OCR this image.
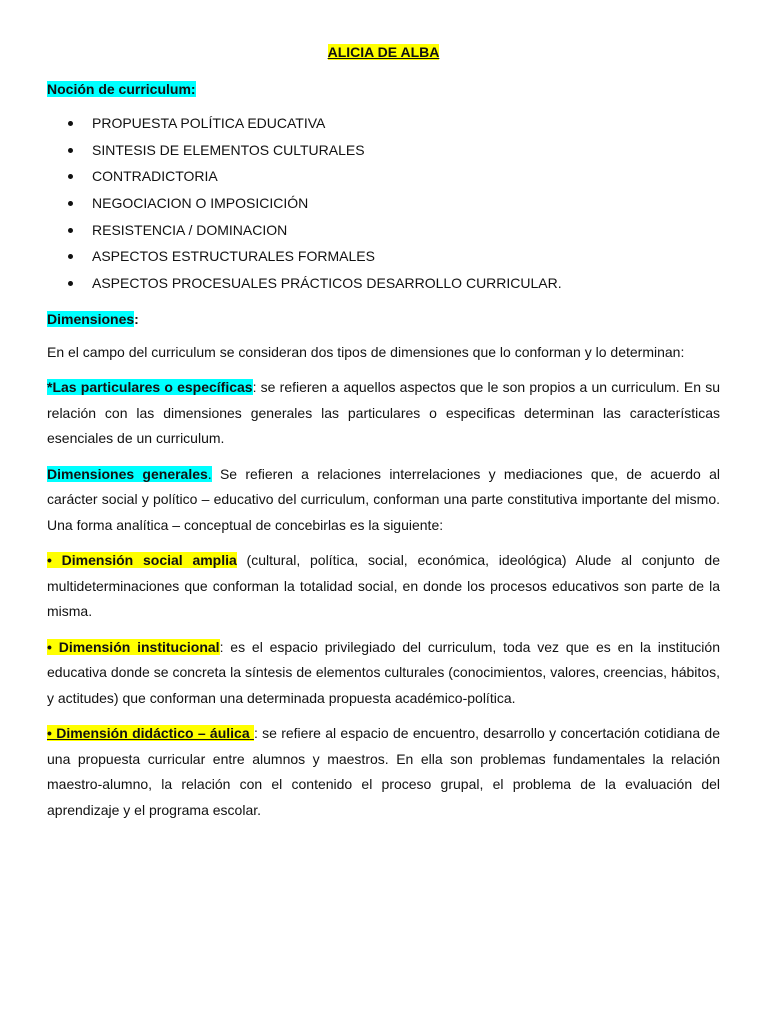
ALICIA DE ALBA
Noción de curriculum:
PROPUESTA POLÍTICA EDUCATIVA
SINTESIS DE ELEMENTOS CULTURALES
CONTRADICTORIA
NEGOCIACION O IMPOSICICIÓN
RESISTENCIA / DOMINACION
ASPECTOS ESTRUCTURALES FORMALES
ASPECTOS PROCESUALES PRÁCTICOS DESARROLLO CURRICULAR.
Dimensiones:

En el campo del curriculum se consideran dos tipos de dimensiones que lo conforman y lo determinan:

*Las particulares o específicas: se refieren a aquellos aspectos que le son propios a un curriculum. En su relación con las dimensiones generales las particulares o especificas determinan las características esenciales de un curriculum.

Dimensiones generales. Se refieren a relaciones interrelaciones y mediaciones que, de acuerdo al carácter social y político – educativo del curriculum, conforman una parte constitutiva importante del mismo. Una forma analítica – conceptual de concebirlas es la siguiente:

• Dimensión social amplia (cultural, política, social, económica, ideológica) Alude al conjunto de multideterminaciones que conforman la totalidad social, en donde los procesos educativos son parte de la misma.

• Dimensión institucional: es el espacio privilegiado del curriculum, toda vez que es en la institución educativa donde se concreta la síntesis de elementos culturales (conocimientos, valores, creencias, hábitos, y actitudes) que conforman una determinada propuesta académico-política.

• Dimensión didáctico – áulica : se refiere al espacio de encuentro, desarrollo y concertación cotidiana de una propuesta curricular entre alumnos y maestros. En ella son problemas fundamentales la relación maestro-alumno, la relación con el contenido el proceso grupal, el problema de la evaluación del aprendizaje y el programa escolar.
